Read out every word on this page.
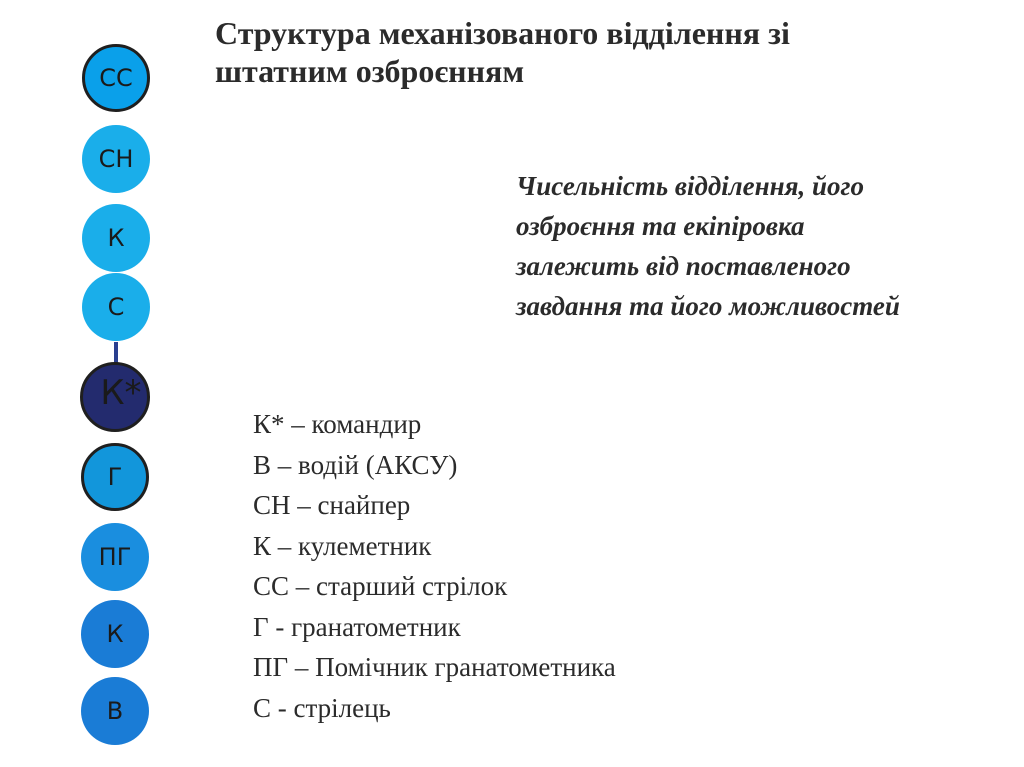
СС
СН
К
С
К*
Г
ПГ
К
В
Структура механізованого відділення зі
штатним озброєнням
Чисельність відділення, його
озброєння та екіпіровка
залежить від поставленого
завдання та його можливостей
К* – командир
В – водій (АКСУ)
СН – снайпер
К – кулеметник
СС – старший стрілок
Г - гранатометник
ПГ – Помічник гранатометника
С - стрілець
